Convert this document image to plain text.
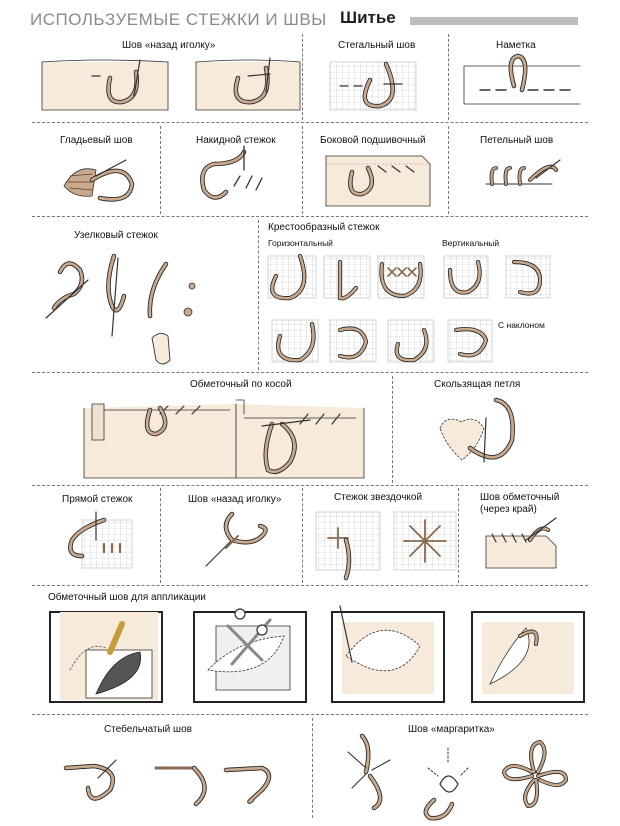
ИСПОЛЬЗУЕМЫЕ СТЕЖКИ И ШВЫ Шитье
Шов «назад иголку»	Стегальный шов	Наметка
Гладьевый шов	Накидной стежок	Боковой подшивочный	Петельный шов
Узелковый стежок
Крестообразный стежок
Горизонтальный	Вертикальный
С наклоном
Обметочный по косой	Скользящая петля
Прямой стежок	Шов «назад иголку»	Стежок звездочкой	Шов обметочный
(через край)
Обметочный шов для аппликации
Стебельчатый шов	Шов «маргаритка»
